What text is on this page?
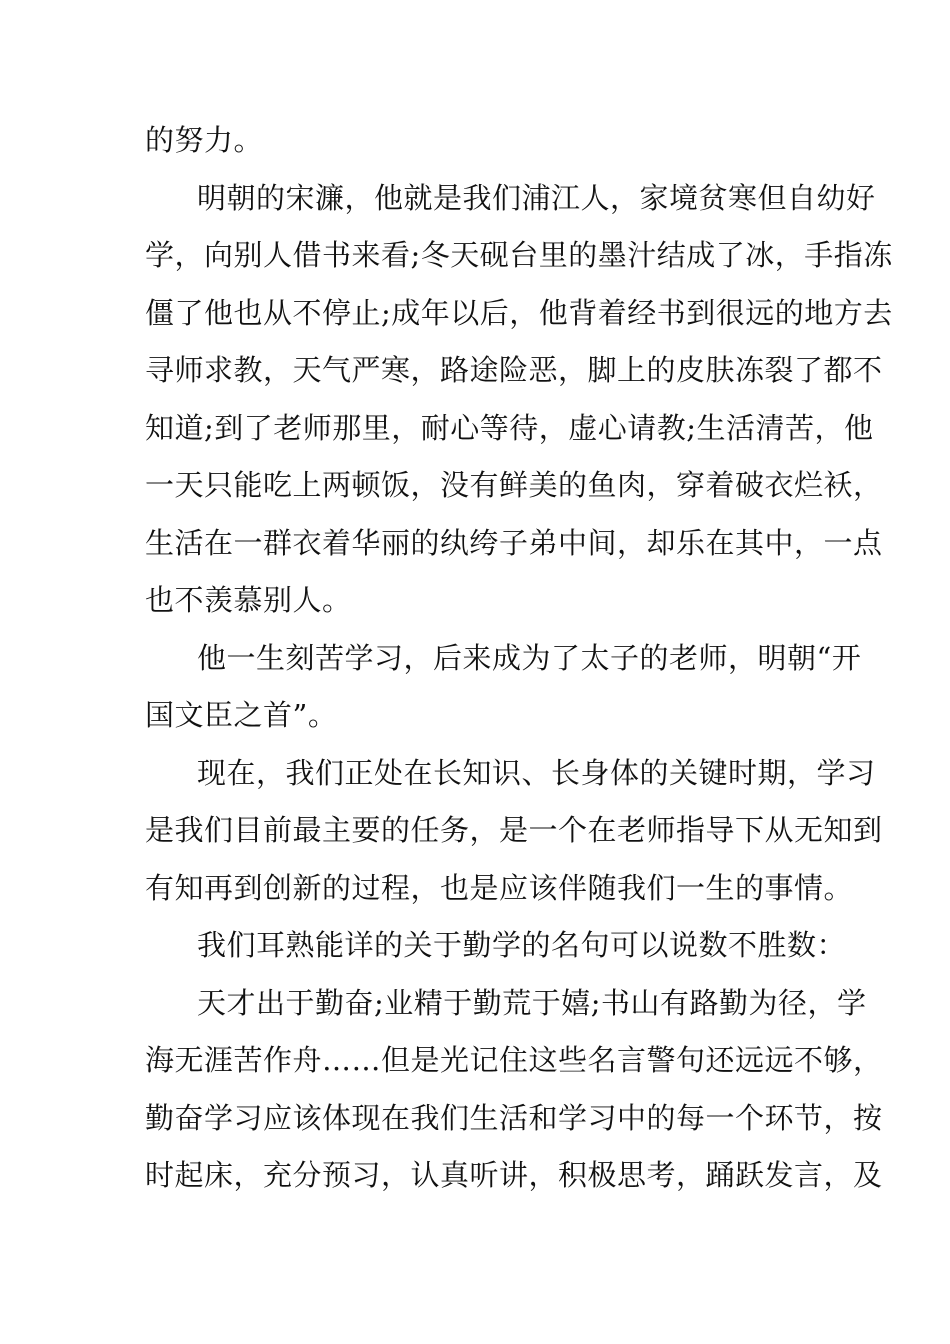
的努力。
明朝的宋濂，他就是我们浦江人，家境贫寒但自幼好
学，向别人借书来看;冬天砚台里的墨汁结成了冰，手指冻
僵了他也从不停止;成年以后，他背着经书到很远的地方去
寻师求教，天气严寒，路途险恶，脚上的皮肤冻裂了都不
知道;到了老师那里，耐心等待，虚心请教;生活清苦，他
一天只能吃上两顿饭，没有鲜美的鱼肉，穿着破衣烂袄，
生活在一群衣着华丽的纨绔子弟中间，却乐在其中，一点
也不羡慕别人。
他一生刻苦学习，后来成为了太子的老师，明朝“开
国文臣之首”。
现在，我们正处在长知识、长身体的关键时期，学习
是我们目前最主要的任务，是一个在老师指导下从无知到
有知再到创新的过程，也是应该伴随我们一生的事情。
我们耳熟能详的关于勤学的名句可以说数不胜数：
天才出于勤奋;业精于勤荒于嬉;书山有路勤为径，学
海无涯苦作舟……但是光记住这些名言警句还远远不够，
勤奋学习应该体现在我们生活和学习中的每一个环节，按
时起床，充分预习，认真听讲，积极思考，踊跃发言，及
